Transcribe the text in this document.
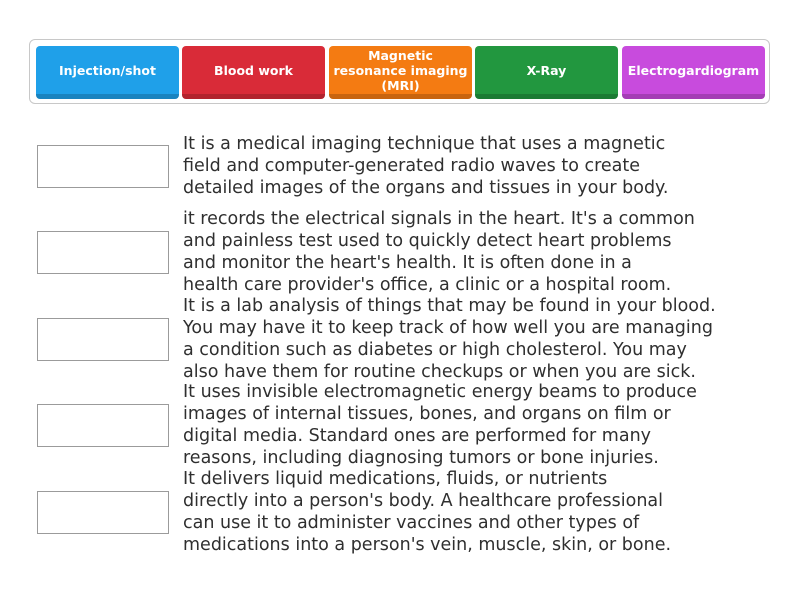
Injection/shot	Blood work
Magnetic resonance imaging (MRI)
X-Ray	Electrogardiogram

It is a medical imaging technique that uses a magnetic
field and computer-generated radio waves to create
detailed images of the organs and tissues in your body.

it records the electrical signals in the heart. It's a common
and painless test used to quickly detect heart problems
and monitor the heart's health. It is often done in a
health care provider's office, a clinic or a hospital room.

It is a lab analysis of things that may be found in your blood.
You may have it to keep track of how well you are managing
a condition such as diabetes or high cholesterol. You may
also have them for routine checkups or when you are sick.

It uses invisible electromagnetic energy beams to produce
images of internal tissues, bones, and organs on film or
digital media. Standard ones are performed for many
reasons, including diagnosing tumors or bone injuries.

It delivers liquid medications, fluids, or nutrients
directly into a person's body. A healthcare professional
can use it to administer vaccines and other types of
medications into a person's vein, muscle, skin, or bone.
